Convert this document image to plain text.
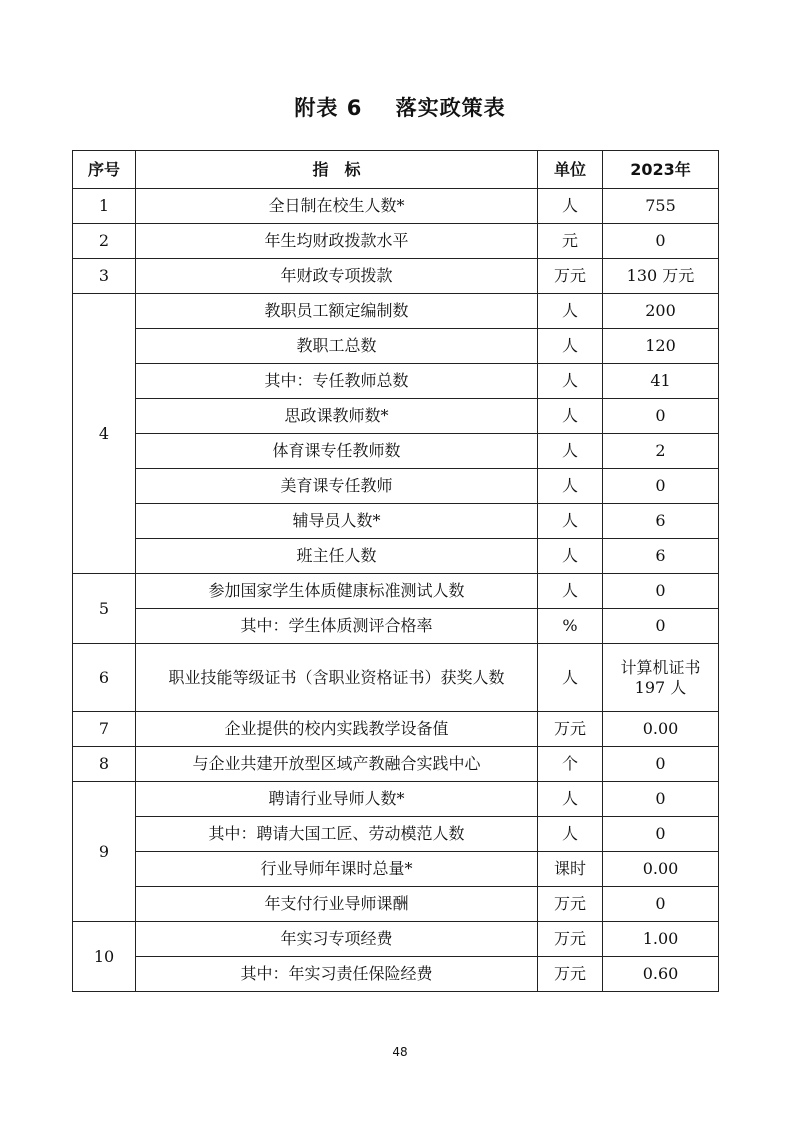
附表 6    落实政策表
序号	指　标	单位	2023年
1	全日制在校生人数*	人	755
2	年生均财政拨款水平	元	0
3	年财政专项拨款	万元	130 万元
4	教职员工额定编制数	人	200
	教职工总数	人	120
	其中：专任教师总数	人	41
	思政课教师数*	人	0
	体育课专任教师数	人	2
	美育课专任教师	人	0
	辅导员人数*	人	6
	班主任人数	人	6
5	参加国家学生体质健康标准测试人数	人	0
	其中：学生体质测评合格率	%	0
6	职业技能等级证书（含职业资格证书）获奖人数	人	计算机证书
197 人

7	企业提供的校内实践教学设备值	万元	0.00
8	与企业共建开放型区域产教融合实践中心	个	0
9	聘请行业导师人数*	人	0
	其中：聘请大国工匠、劳动模范人数	人	0
	行业导师年课时总量*	课时	0.00
	年支付行业导师课酬	万元	0
10	年实习专项经费	万元	1.00
	其中：年实习责任保险经费	万元	0.60
48
